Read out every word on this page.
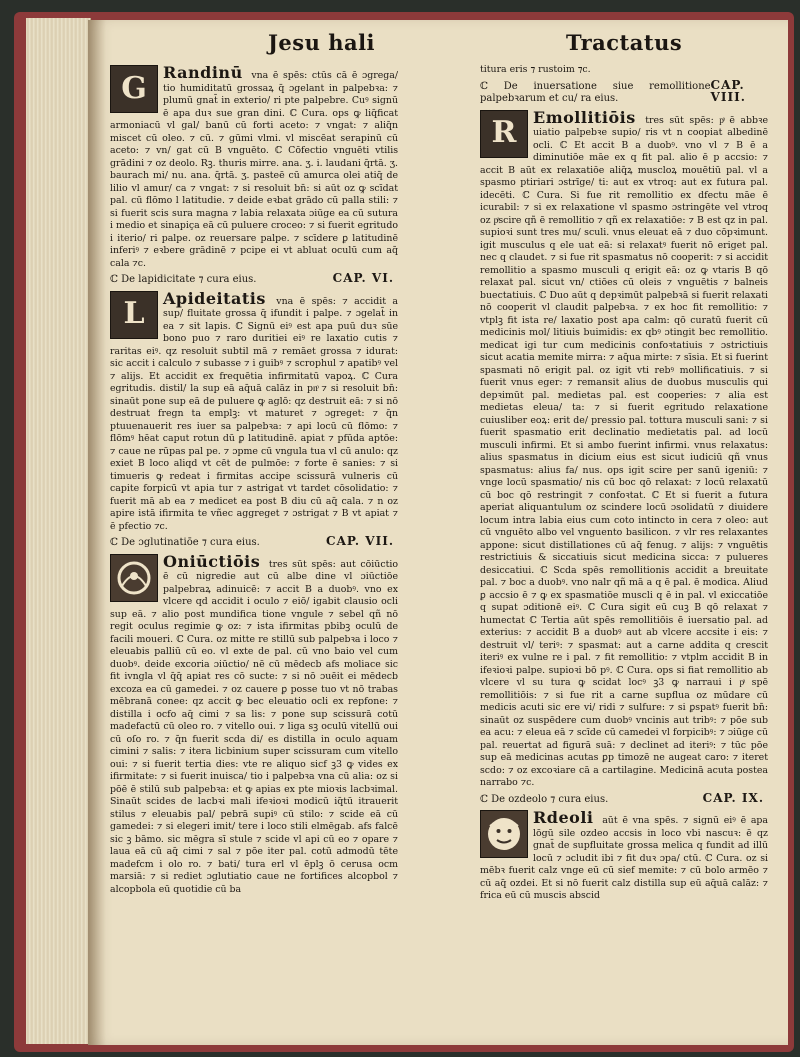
Jesu hali	Tractatus
G Randinū vna ē spēs: ctūs cā ē ɔgrega/ tio humiditatū grossaꝝ q̄ ɔgelant in palpebꝛa: ⁊ plumū gnat̄ in exterio/ ri pte palpebre. Cuꝰ signū ē apa duꝛ sue gran dini. ℂ Cura. ops ꝙ liq̄ficat armoniacū vl gal/ banū cū forti aceto: ⁊ vngat: ⁊ aliq̄n miscet cū oleo. ⁊ cū. ⁊ gūmi vlmi. vl miscēat serapinū cū aceto: ⁊ vn/ gat cū B vnguēto. ℂ Cōfectio vnguēti vtilis grādini ⁊ oz deolo. Rꝫ. thuris mirre. ana. ʒ. i. laudani q̄rtā. ʒ. baurach mi/ nu. ana. q̄rtā. ʒ. pasteē cū amurca olei atiq̄ de lilio vl amur/ ca ⁊ vngat: ⁊ si resoluit bn̄: si aūt oz ꝙ scīdat pal. cū flōmo l latitudie. ⁊ deide eꝛbat grādo cū palla stili: ⁊ si fuerit scis sura magna ⁊ labia relaxata ɔiūge ea cū sutura i medio et sinapiça eā cū puluere croceo: ⁊ si fuerit egritudo i iterio/ ri palpe. oz reuersare palpe. ⁊ scīdere ꝑ latitudinē inferiꝰ ⁊ eꝛbere grādinē ⁊ pcipe ei vt abluat oculū cum aq̄ cala ⁊c.
ℂ De lapidicitate ⁊ cura eius.	CAP. VI.
L Apideitatis vna ē spēs: ⁊ accidit a sup/ fluitate grossa q̄ ifundit i palpe. ⁊ ɔgelat̄ in ea ⁊ sit lapis. ℂ Signū eiꝰ est apa puū duꝛ sūe bono puo ⁊ raro duritiei eiꝰ re laxatio cutis ⁊ raritas eiꝰ. qz resoluit subtil mā ⁊ remāet grossa ⁊ idurat: sic accit i calculo ⁊ subasse ⁊ i guibꝰ ⁊ scrophul ⁊ apatibꝰ vel ⁊ alijs. Et accidit ex frequētia infirmitatū vapoꝝ. ℂ Cura egritudis. distil/ la sup eā aq̄uā calāz in pnͦ ⁊ si resoluit bn̄: sinaūt pone sup eā de puluere ꝙ aglō: qz destruit eā: ⁊ si nō destruat fregn ta emplꝫ: vt maturet ⁊ ɔgreget: ⁊ q̄n ptuuenauerit res iuer sa palpebꝛa: ⁊ api locū cū flōmo: ⁊ flōmꝰ hēat caput rotun dū ꝑ latitudinē. apiat ⁊ pfūda aptōe: ⁊ caue ne rūpas pal pe. ⁊ ɔpme cū vngula tua vl cū anulo: qz exiet B loco aliqd vt cēt de pulmōe: ⁊ forte ē sanies: ⁊ si timueris ꝙ redeat i firmitas accipe scissurā vulneris cū capite forpicū vt apia tur ⁊ astrigat vt tardet cōsolidatio: ⁊ fuerit mā ab ea ⁊ medicet ea post B diu cū aq̄ cala. ⁊ n oz apire istā ifirmita te vñec aggreget ⁊ ɔstrigat ⁊ B vt apiat ⁊ ē pfectio ⁊c.
ℂ De ɔglutinatiōe ⁊ cura eius.	CAP. VII.
Oniūctiōis tres sūt spēs: aut cōiūctio ē cū nigredie aut cū albe dine vl ɔiūctiōe palpebraꝝ adinuicē: ⁊ accit B a duobꝰ. vno ex vlcere qd accidit i oculo ⁊ eiō/ igabit clausio ocli sup eā. ⁊ alio post mundifica tione vngule ⁊ sebel qñ nō regit oculus regimie ꝙ oz: ⁊ ista ifirmitas pbibꝫ oculū de facili moueri. ℂ Cura. oz mitte re stillū sub palpebꝛa i loco ⁊ eleuabis palliū cū eo. vl exte de pal. cū vno baio vel cum duobꝰ. deide excoria ɔiūctio/ nē cū mēdecb afs moliace sic fit ivngla vl q̄q̄ apiat res cō sucte: ⁊ si nō ɔuēit ei mēdecb excoza ea cū gamedei. ⁊ oz cauere ꝑ posse tuo vt nō trabas mēbranā conee: qz accit ꝙ bec eleuatio ocli ex repfone: ⁊ distilla i ocfo aq̄ cimi ⁊ sa lis: ⁊ pone sup scissurā cotū madefactū cū oleo ro. ⁊ vitello oui. ⁊ liga sꝫ oculū vitellū oui cū oſo ro. ⁊ q̄n fuerit scda di/ es distilla in oculo aquam cimini ⁊ salis: ⁊ itera licbinium super scissuram cum vitello oui: ⁊ si fuerit tertia dies: vte re aliquo sicf ꝫ3 ꝙ vides ex ifirmitate: ⁊ si fuerit inuisca/ tio i palpebꝛa vna cū alia: oz si pōē ē stilū sub palpebꝛa: et ꝙ apias ex pte mioꝛis lacbꝛimal. Sinaūt scides de lacbꝛi mali ifeꝛioꝛi modicū iq̄tū itrauerit stilus ⁊ eleuabis pal/ pebrā supiꝰ cū stilo: ⁊ scide eā cū gamedei: ⁊ si elegeri imit/ tere i loco stili elmēgab. afs falcē sic ꝫ bāmo. sic mēgra sī stule ⁊ scide vl api cū eo ⁊ opare ⁊ laua eā cū aq̄ cimi ⁊ sal ⁊ pōe iter pal. cotū admodū tēte madefcm i olo ro. ⁊ bati/ tura erl vl ēplꝫ ō cerusa ocm marsiā: ⁊ si rediet ɔglutiatio caue ne fortifices alcopbol ⁊ alcopbola eū quotidie cū ba
titura eris ⁊ rustoim ⁊c.
ℂ De inuersatione siue remollitione palpebꝛarum et cu/ ra eius.
CAP. VIII.
R Emollitiōis tres sūt spēs: pͣ ē abbꝛe uiatio palpebꝛe supio/ ris vt n coopiat albedinē ocli. ℂ Et accit B a duobꝰ. vno vl ⁊ B ē a diminutiōe māe ex q fit pal. alio ē p accsio: ⁊ accit B aūt ex relaxatiōe aliq̄ꝝ muscloꝝ mouētiū pal. vl a spasmo ptiriari ɔstrīge/ ti: aut ex vtroq: aut ex futura pal. idecēti. ℂ Cura. Si fue rit remollitio ex dfectu māe ē icurabil: ⁊ si ex relaxatione vl spasmo ɔstringēte vel vtroq oz pͣscire qñ ē remollitio ⁊ qñ ex relaxatiōe: ⁊ B est qz in pal. supioꝛi sunt tres mu/ sculi. vnus eleuat eā ⁊ duo cōpꝛimunt. igit musculus q ele uat eā: si relaxatꝰ fuerit nō eriget pal. nec q claudet. ⁊ si fue rit spasmatus nō cooperit: ⁊ si accidit remollitio a spasmo musculi q erigit eā: oz ꝙ vtaris B qō relaxat pal. sicut vn/ ctiōes cū oleis ⁊ vnguētis ⁊ balneis buectatiuis. ℂ Duo aūt q depꝛimūt palpebꝛā si fuerit relaxati nō cooperit vl claudit palpebꝛa. ⁊ ex hoc fit remollitio: ⁊ vtplꝫ fit ista re/ laxatio post apa calm: qō curatū fuerit cū medicinis mol/ litiuis buimidis: ex qbꝰ ɔtingit bec remollitio. medicat igi tur cum medicinis confoꝛtatiuis ⁊ ɔstrictiuis sicut acatia memite mirra: ⁊ aq̄ua mirte: ⁊ sīsia. Et si fuerint spasmati nō erigit pal. oz igit vti rebꝰ mollificatiuis. ⁊ si fuerit vnus eger: ⁊ remansit alius de duobus musculis qui depꝛimūt pal. medietas pal. est cooperies: ⁊ alia est medietas eleua/ ta: ⁊ si fuerit egritudo relaxatione cuiusliber eoꝝ: erit de/ pressio pal. tottura musculi sani: ⁊ si fuerit spasmatio erit declinatio medietatis pal. ad locū musculi infirmi. Et si ambo fuerint infirmi. vnus relaxatus: alius spasmatus in dicium eius est sicut iudiciū qñ vnus spasmatus: alius fa/ nus. ops igit scire per sanū igeniū: ⁊ vnge locū spasmatio/ nis cū boc qō relaxat: ⁊ locū relaxatū cū boc qō restringit ⁊ confoꝛtat. ℂ Et si fuerit a futura aperiat aliquantulum oz scindere locū ɔsolidatū ⁊ diuidere locum intra labia eius cum coto intincto in cera ⁊ oleo: aut cū vnguēto albo vel vnguento basilicon. ⁊ vlr res relaxantes appone: sicut distillationes cū aq̄ fenug. ⁊ alijs: ⁊ vnguētis restrictiuis & siccatiuis sicut medicina sicca: ⁊ pulueres desiccatiui. ℂ Scda spēs remollitionis accidit a breuitate pal. ⁊ boc a duobꝰ. vno nalr qñ mā a q ē pal. ē modica. Aliud ꝑ accsio ē ⁊ ꝙ ex spasmatiōe muscli q ē in pal. vl exiccatiōe q supat ɔditionē eiꝰ. ℂ Cura sigit eū cuꝫ B qō relaxat ⁊ humectat ℂ Tertia aūt spēs remollitiōis ē iuersatio pal. ad exterius: ⁊ accidit B a duobꝰ aut ab vlcere accsite i eis: ⁊ destruit vl/ teriꝰ: ⁊ spasmat: aut a carne addita q crescit iteriꝰ ex vulne re i pal. ⁊ fit remollitio: ⁊ vtplm accidit B in ifeꝛioꝛi palpe. supioꝛi bō pꝰ. ℂ Cura. ops si fiat remollitio ab vlcere vl su tura ꝙ scidat locꝰ ꝫ3 ꝙ narraui i pͣ spē remollitiōis: ⁊ si fue rit a carne supflua oz mūdare cū medicis acuti sic ere vi/ ridi ⁊ sulfure: ⁊ si ꝑspatꝰ fuerit bn̄: sinaūt oz suspēdere cum duobꝰ vncinis aut tribꝰ: ⁊ pōe sub ea acu: ⁊ eleua eā ⁊ scīde cū camedei vl forpicibꝰ: ⁊ ɔiūge cū pal. reuertat ad figurā suā: ⁊ declinet ad iteriꝰ: ⁊ tūc pōe sup eā medicinas acutas ꝑp timozē ne augeat caro: ⁊ iteret scdo: ⁊ oz excoꝛiare cā a cartilagine. Medicinā acuta postea narrabo ⁊c.
ℂ De ozdeolo ⁊ cura eius.	CAP. IX.
Rdeoli aūt ē vna spēs. ⁊ signū eiꝰ ē apa lōgū sile ozdeo accsis in loco vbi nascuꝛ: ē qz gnat̄ de supfluitate grossa melica q fundit ad illū locū ⁊ ɔcludit ibi ⁊ fit duꝛ ɔpa/ ctū. ℂ Cura. oz si mēbꝛ fuerit calz vnge eū cū sief memite: ⁊ cū bolo armēo ⁊ cū aq̄ ozdei. Et si nō fuerit calz distilla sup eū aq̄uā calāz: ⁊ frica eū cū muscis abscid
